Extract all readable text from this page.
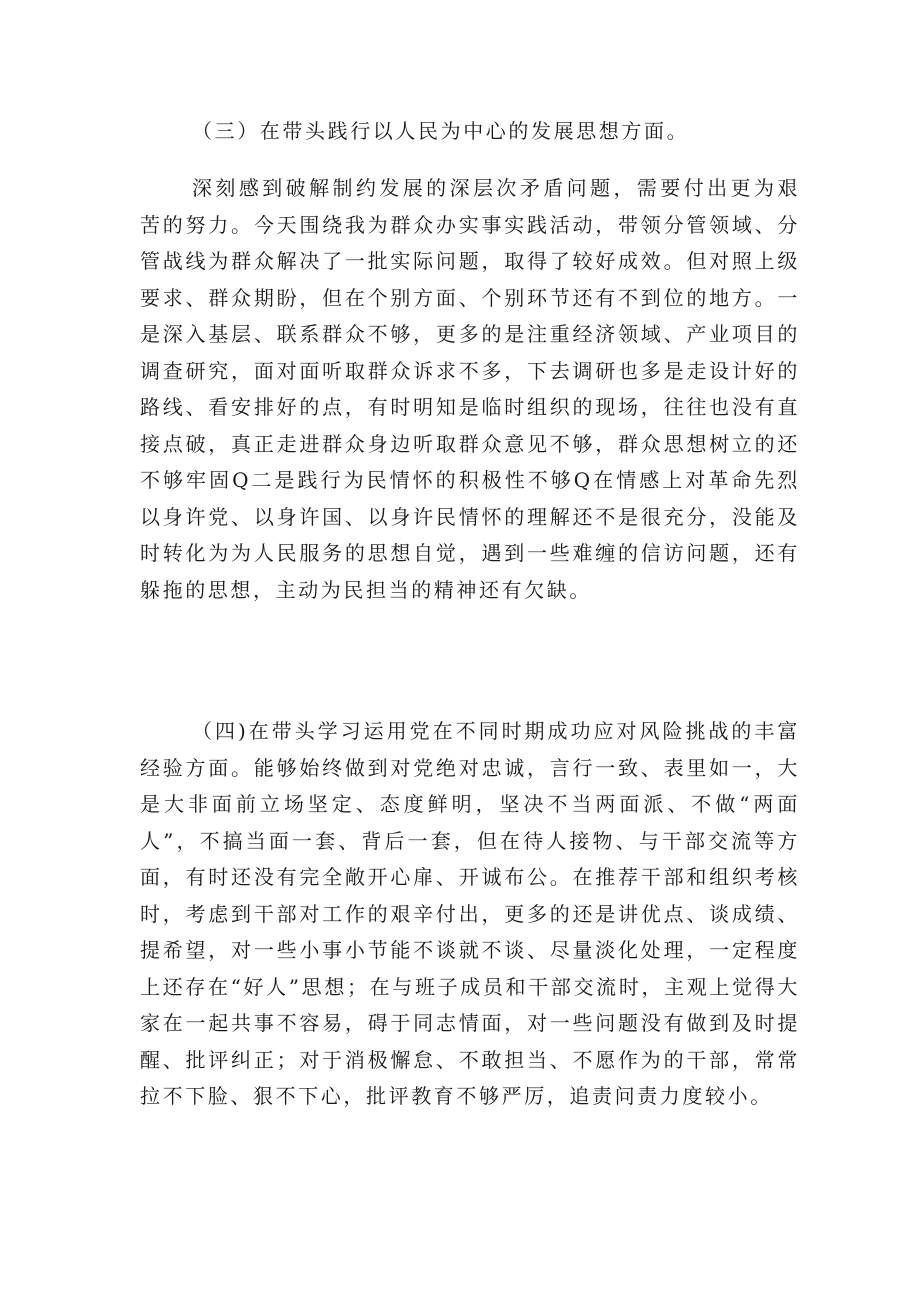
（三）在带头践行以人民为中心的发展思想方面。

深刻感到破解制约发展的深层次矛盾问题，需要付出更为艰苦的努力。今天围绕我为群众办实事实践活动，带领分管领域、分管战线为群众解决了一批实际问题，取得了较好成效。但对照上级要求、群众期盼，但在个别方面、个别环节还有不到位的地方。一是深入基层、联系群众不够，更多的是注重经济领域、产业项目的调查研究，面对面听取群众诉求不多，下去调研也多是走设计好的路线、看安排好的点，有时明知是临时组织的现场，往往也没有直接点破，真正走进群众身边听取群众意见不够，群众思想树立的还不够牢固Q二是践行为民情怀的积极性不够Q在情感上对革命先烈以身许党、以身许国、以身许民情怀的理解还不是很充分，没能及时转化为为人民服务的思想自觉，遇到一些难缠的信访问题，还有躲拖的思想，主动为民担当的精神还有欠缺。

（四)在带头学习运用党在不同时期成功应对风险挑战的丰富经验方面。能够始终做到对党绝对忠诚，言行一致、表里如一，大是大非面前立场坚定、态度鲜明，坚决不当两面派、不做“两面人”，不搞当面一套、背后一套，但在待人接物、与干部交流等方面，有时还没有完全敞开心扉、开诚布公。在推荐干部和组织考核时，考虑到干部对工作的艰辛付出，更多的还是讲优点、谈成绩、提希望，对一些小事小节能不谈就不谈、尽量淡化处理，一定程度上还存在“好人”思想；在与班子成员和干部交流时，主观上觉得大家在一起共事不容易，碍于同志情面，对一些问题没有做到及时提醒、批评纠正；对于消极懈怠、不敢担当、不愿作为的干部，常常拉不下脸、狠不下心，批评教育不够严厉，追责问责力度较小。
